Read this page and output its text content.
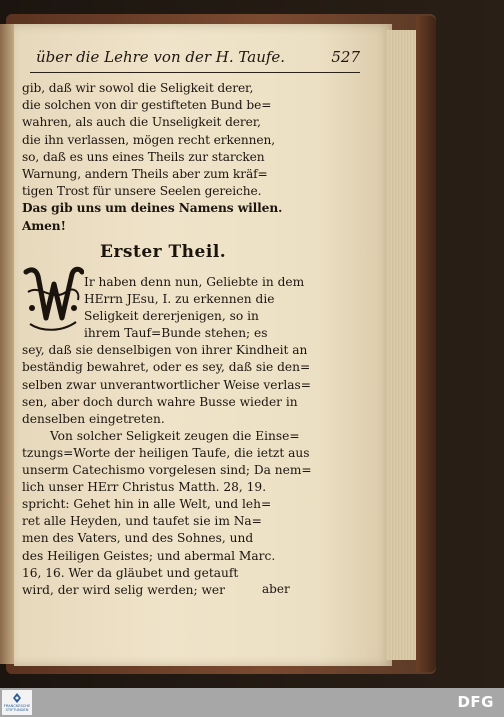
über die Lehre von der H. Taufe.	527
gib, daß wir sowol die Seligkeit derer,
die solchen von dir gestifteten Bund be=
wahren, als auch die Unseligkeit derer,
die ihn verlassen, mögen recht erkennen,
so, daß es uns eines Theils zur starcken
Warnung, andern Theils aber zum kräf=
tigen Trost für unsere Seelen gereiche.
Das gib uns um deines Namens willen.
Amen!
Erster Theil.
W
Ir haben denn nun, Geliebte in dem
HErrn JEsu, I. zu erkennen die
Seligkeit dererjenigen, so in
ihrem Tauf=Bunde stehen; es
sey, daß sie denselbigen von ihrer Kindheit an
beständig bewahret, oder es sey, daß sie den=
selben zwar unverantwortlicher Weise verlas=
sen, aber doch durch wahre Busse wieder in
denselben eingetreten.
Von solcher Seligkeit zeugen die Einse=
tzungs=Worte der heiligen Taufe, die ietzt aus
unserm Catechismo vorgelesen sind; Da nem=
lich unser HErr Christus Matth. 28, 19.
spricht: Gehet hin in alle Welt, und leh=
ret alle Heyden, und taufet sie im Na=
men des Vaters, und des Sohnes, und
des Heiligen Geistes; und abermal Marc.
16, 16. Wer da gläubet und getauft
wird, der wird selig werden; wer	aber
FRANCKESCHE STIFTUNGEN	DFG
